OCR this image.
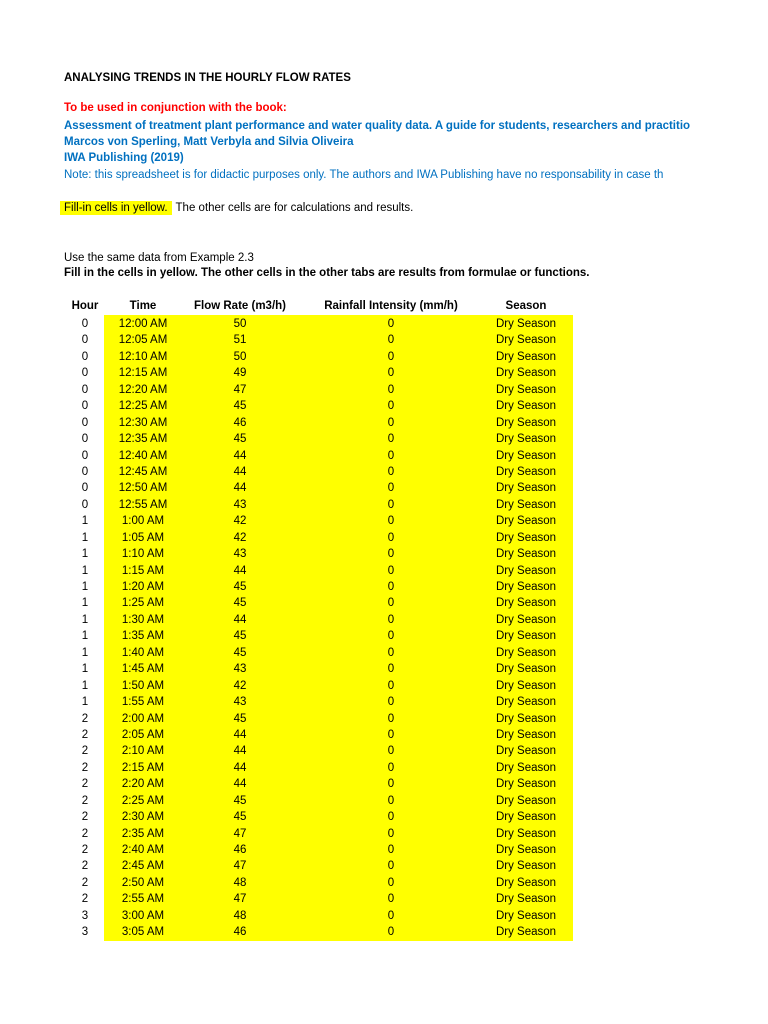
ANALYSING TRENDS IN THE HOURLY FLOW RATES
To be used in conjunction with the book:
Assessment of treatment plant performance and water quality data. A guide for students, researchers and practitio
Marcos von Sperling, Matt Verbyla and Silvia Oliveira
IWA Publishing (2019)
Note: this spreadsheet is for didactic purposes only. The authors and IWA Publishing have no responsability in case th
Fill-in cells in yellow. The other cells are for calculations and results.
Use the same data from Example 2.3
Fill in the cells in yellow. The other cells in the other tabs are results from formulae or functions.
Hour	Time	Flow Rate (m3/h)	Rainfall Intensity (mm/h)	Season
0	12:00 AM	50	0	Dry Season
0	12:05 AM	51	0	Dry Season
0	12:10 AM	50	0	Dry Season
0	12:15 AM	49	0	Dry Season
0	12:20 AM	47	0	Dry Season
0	12:25 AM	45	0	Dry Season
0	12:30 AM	46	0	Dry Season
0	12:35 AM	45	0	Dry Season
0	12:40 AM	44	0	Dry Season
0	12:45 AM	44	0	Dry Season
0	12:50 AM	44	0	Dry Season
0	12:55 AM	43	0	Dry Season
1	1:00 AM	42	0	Dry Season
1	1:05 AM	42	0	Dry Season
1	1:10 AM	43	0	Dry Season
1	1:15 AM	44	0	Dry Season
1	1:20 AM	45	0	Dry Season
1	1:25 AM	45	0	Dry Season
1	1:30 AM	44	0	Dry Season
1	1:35 AM	45	0	Dry Season
1	1:40 AM	45	0	Dry Season
1	1:45 AM	43	0	Dry Season
1	1:50 AM	42	0	Dry Season
1	1:55 AM	43	0	Dry Season
2	2:00 AM	45	0	Dry Season
2	2:05 AM	44	0	Dry Season
2	2:10 AM	44	0	Dry Season
2	2:15 AM	44	0	Dry Season
2	2:20 AM	44	0	Dry Season
2	2:25 AM	45	0	Dry Season
2	2:30 AM	45	0	Dry Season
2	2:35 AM	47	0	Dry Season
2	2:40 AM	46	0	Dry Season
2	2:45 AM	47	0	Dry Season
2	2:50 AM	48	0	Dry Season
2	2:55 AM	47	0	Dry Season
3	3:00 AM	48	0	Dry Season
3	3:05 AM	46	0	Dry Season
